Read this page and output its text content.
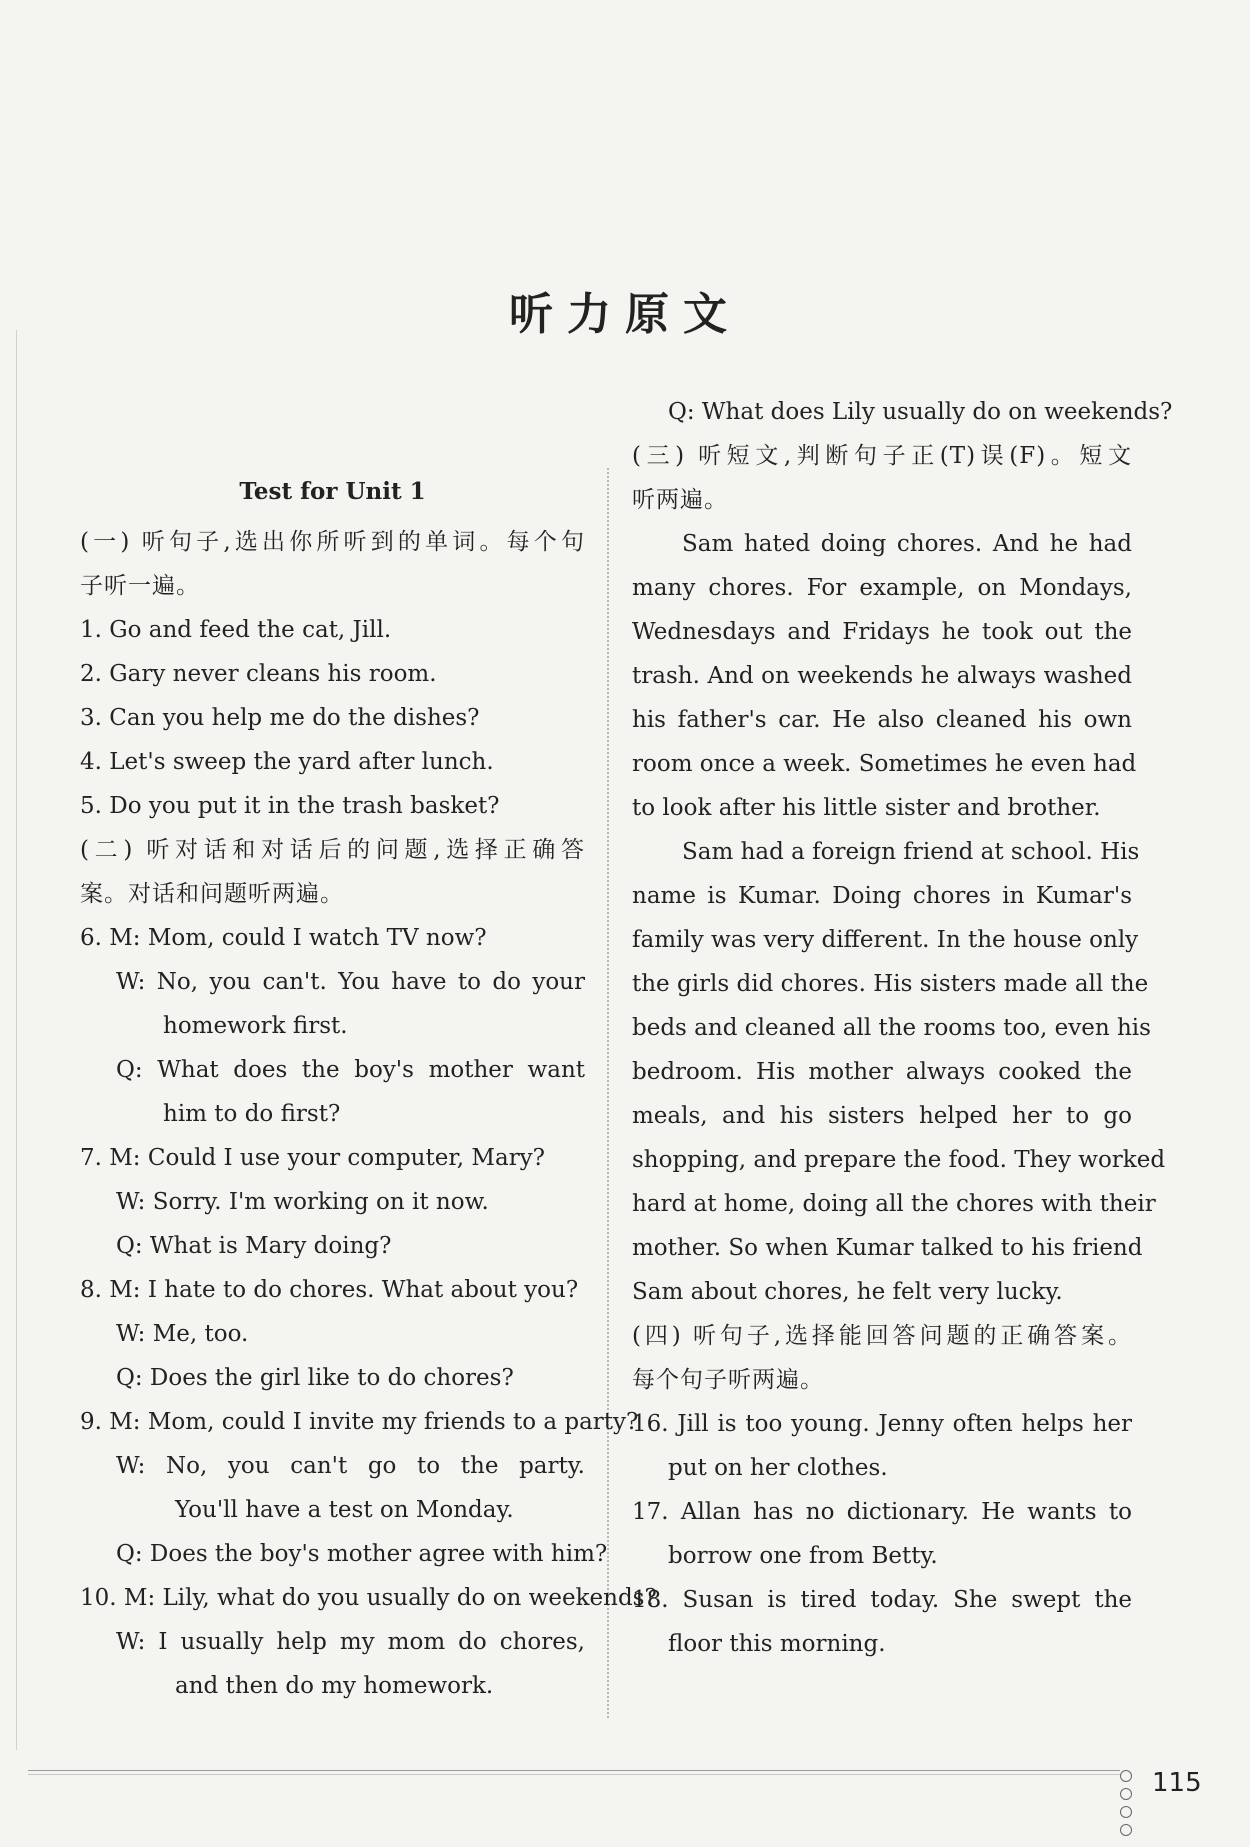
听力原文
Test for Unit 1
(一) 听句子,选出你所听到的单词。每个句
子听一遍。
1. Go and feed the cat, Jill.
2. Gary never cleans his room.
3. Can you help me do the dishes?
4. Let's sweep the yard after lunch.
5. Do you put it in the trash basket?
(二) 听对话和对话后的问题,选择正确答
案。对话和问题听两遍。
6. M: Mom, could I watch TV now?
W: No, you can't. You have to do your
homework first.
Q: What does the boy's mother want
him to do first?
7. M: Could I use your computer, Mary?
W: Sorry. I'm working on it now.
Q: What is Mary doing?
8. M: I hate to do chores. What about you?
W: Me, too.
Q: Does the girl like to do chores?
9. M: Mom, could I invite my friends to a party?
W: No, you can't go to the party.
You'll have a test on Monday.
Q: Does the boy's mother agree with him?
10. M: Lily, what do you usually do on weekends?
W: I usually help my mom do chores,
and then do my homework.
Q: What does Lily usually do on weekends?
(三) 听短文,判断句子正(T)误(F)。短文
听两遍。
Sam hated doing chores. And he had
many chores. For example, on Mondays,
Wednesdays and Fridays he took out the
trash. And on weekends he always washed
his father's car. He also cleaned his own
room once a week. Sometimes he even had
to look after his little sister and brother.
Sam had a foreign friend at school. His
name is Kumar. Doing chores in Kumar's
family was very different. In the house only
the girls did chores. His sisters made all the
beds and cleaned all the rooms too, even his
bedroom. His mother always cooked the
meals, and his sisters helped her to go
shopping, and prepare the food. They worked
hard at home, doing all the chores with their
mother. So when Kumar talked to his friend
Sam about chores, he felt very lucky.
(四) 听句子,选择能回答问题的正确答案。
每个句子听两遍。
16. Jill is too young. Jenny often helps her
put on her clothes.
17. Allan has no dictionary. He wants to
borrow one from Betty.
18. Susan is tired today. She swept the
floor this morning.
115
